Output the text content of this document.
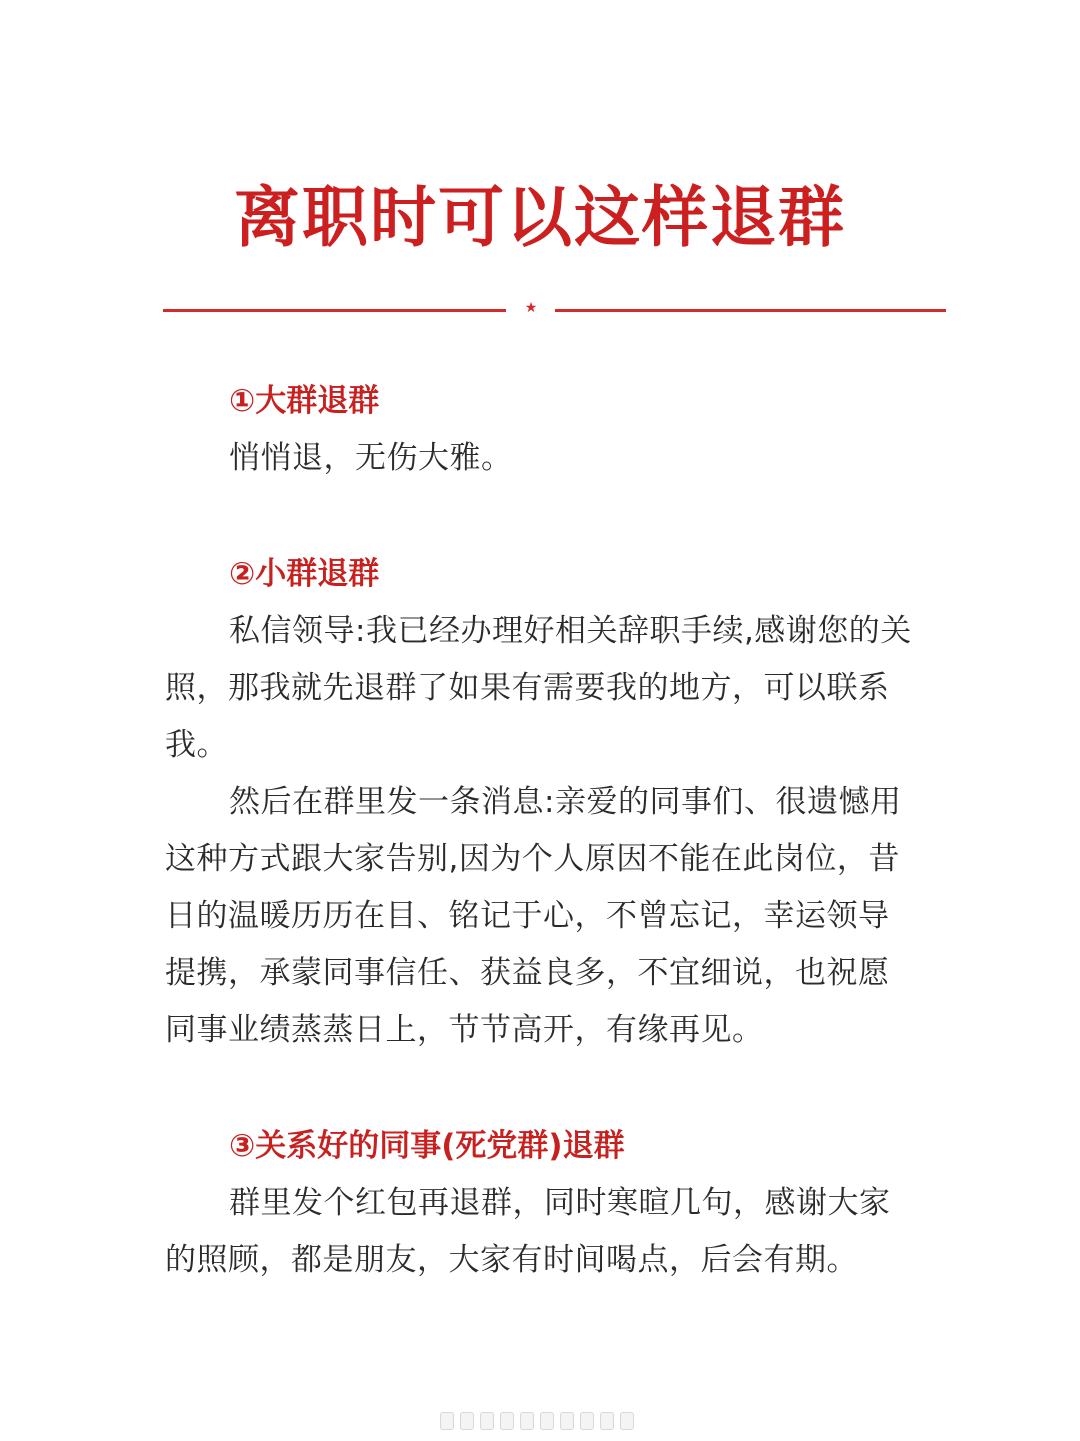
离职时可以这样退群
★
①大群退群

悄悄退，无伤大雅。

②小群退群

私信领导:我已经办理好相关辞职手续,感谢您的关照，那我就先退群了如果有需要我的地方，可以联系我。

然后在群里发一条消息:亲爱的同事们、很遗憾用这种方式跟大家告别,因为个人原因不能在此岗位，昔日的温暖历历在目、铭记于心，不曾忘记，幸运领导提携，承蒙同事信任、获益良多，不宜细说，也祝愿同事业绩蒸蒸日上，节节高开，有缘再见。

③关系好的同事(死党群)退群

群里发个红包再退群，同时寒暄几句，感谢大家的照顾，都是朋友，大家有时间喝点，后会有期。
